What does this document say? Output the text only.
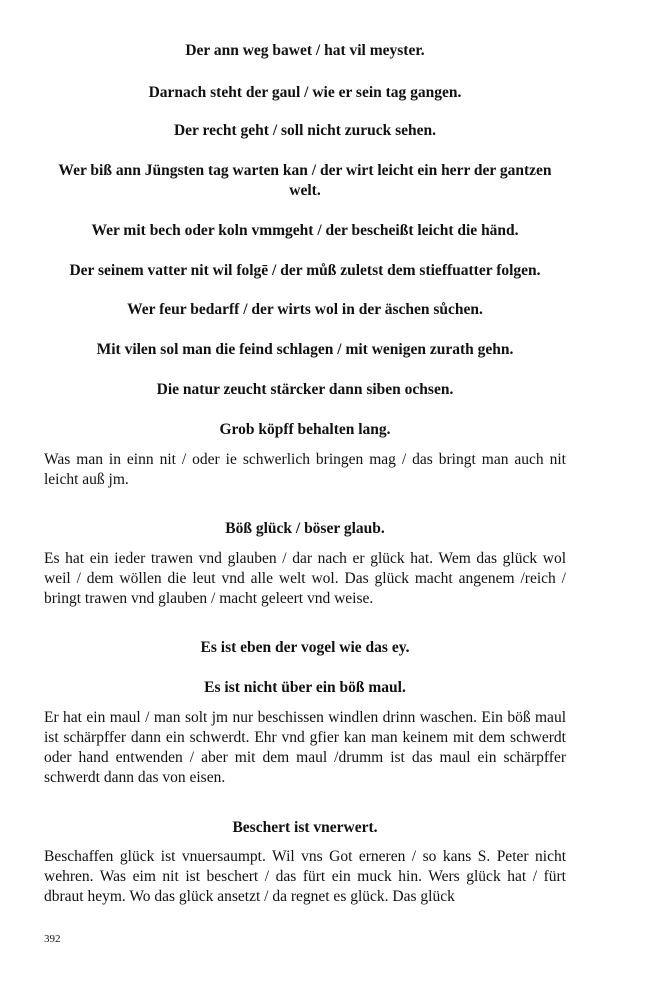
Der ann weg bawet / hat vil meyster.

Darnach steht der gaul / wie er sein tag gangen.

Der recht geht / soll nicht zuruck sehen.

Wer biß ann Jüngsten tag warten kan / der wirt leicht ein herr der gantzen welt.

Wer mit bech oder koln vmmgeht / der bescheißt leicht die händ.

Der seinem vatter nit wil folgē / der můß zuletst dem stieffuatter folgen.

Wer feur bedarff / der wirts wol in der äschen sůchen.

Mit vilen sol man die feind schlagen / mit wenigen zurath gehn.

Die natur zeucht stärcker dann siben ochsen.

Grob köpff behalten lang.

Was man in einn nit / oder ie schwerlich bringen mag / das bringt man auch nit leicht auß jm.

Böß glück / böser glaub.

Es hat ein ieder trawen vnd glauben / dar nach er glück hat. Wem das glück wol weil / dem wöllen die leut vnd alle welt wol. Das glück macht angenem /reich / bringt trawen vnd glauben / macht geleert vnd weise.

Es ist eben der vogel wie das ey.

Es ist nicht über ein böß maul.

Er hat ein maul / man solt jm nur beschissen windlen drinn waschen. Ein böß maul ist schärpffer dann ein schwerdt. Ehr vnd gfier kan man keinem mit dem schwerdt oder hand entwenden / aber mit dem maul /drumm ist das maul ein schärpffer schwerdt dann das von eisen.

Beschert ist vnerwert.

Beschaffen glück ist vnuersaumpt. Wil vns Got erneren / so kans S. Peter nicht wehren. Was eim nit ist beschert / das fürt ein muck hin. Wers glück hat / fürt dbraut heym. Wo das glück ansetzt / da regnet es glück. Das glück

392
